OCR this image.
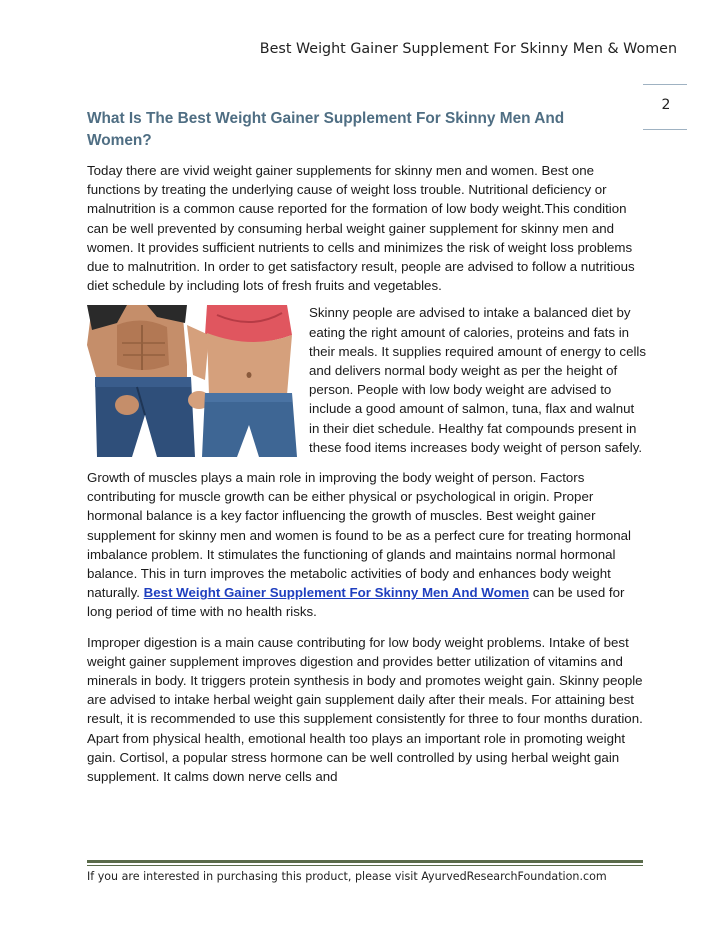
Best Weight Gainer Supplement For Skinny Men & Women
2
What Is The Best Weight Gainer Supplement For Skinny Men And Women?

Today there are vivid weight gainer supplements for skinny men and women. Best one functions by treating the underlying cause of weight loss trouble. Nutritional deficiency or malnutrition is a common cause reported for the formation of low body weight.This condition can be well prevented by consuming herbal weight gainer supplement for skinny men and women. It provides sufficient nutrients to cells and minimizes the risk of weight loss problems due to malnutrition. In order to get satisfactory result, people are advised to follow a nutritious diet schedule by including lots of fresh fruits and vegetables.

Skinny people are advised to intake a balanced diet by eating the right amount of calories, proteins and fats in their meals. It supplies required amount of energy to cells and delivers normal body weight as per the height of person. People with low body weight are advised to include a good amount of salmon, tuna, flax and walnut in their diet schedule. Healthy fat compounds present in these food items increases body weight of person safely.

Growth of muscles plays a main role in improving the body weight of person. Factors contributing for muscle growth can be either physical or psychological in origin. Proper hormonal balance is a key factor influencing the growth of muscles. Best weight gainer supplement for skinny men and women is found to be as a perfect cure for treating hormonal imbalance problem. It stimulates the functioning of glands and maintains normal hormonal balance. This in turn improves the metabolic activities of body and enhances body weight naturally. Best Weight Gainer Supplement For Skinny Men And Women can be used for long period of time with no health risks.

Improper digestion is a main cause contributing for low body weight problems. Intake of best weight gainer supplement improves digestion and provides better utilization of vitamins and minerals in body. It triggers protein synthesis in body and promotes weight gain. Skinny people are advised to intake herbal weight gain supplement daily after their meals. For attaining best result, it is recommended to use this supplement consistently for three to four months duration. Apart from physical health, emotional health too plays an important role in promoting weight gain. Cortisol, a popular stress hormone can be well controlled by using herbal weight gain supplement. It calms down nerve cells and

If you are interested in purchasing this product, please visit AyurvedResearchFoundation.com
